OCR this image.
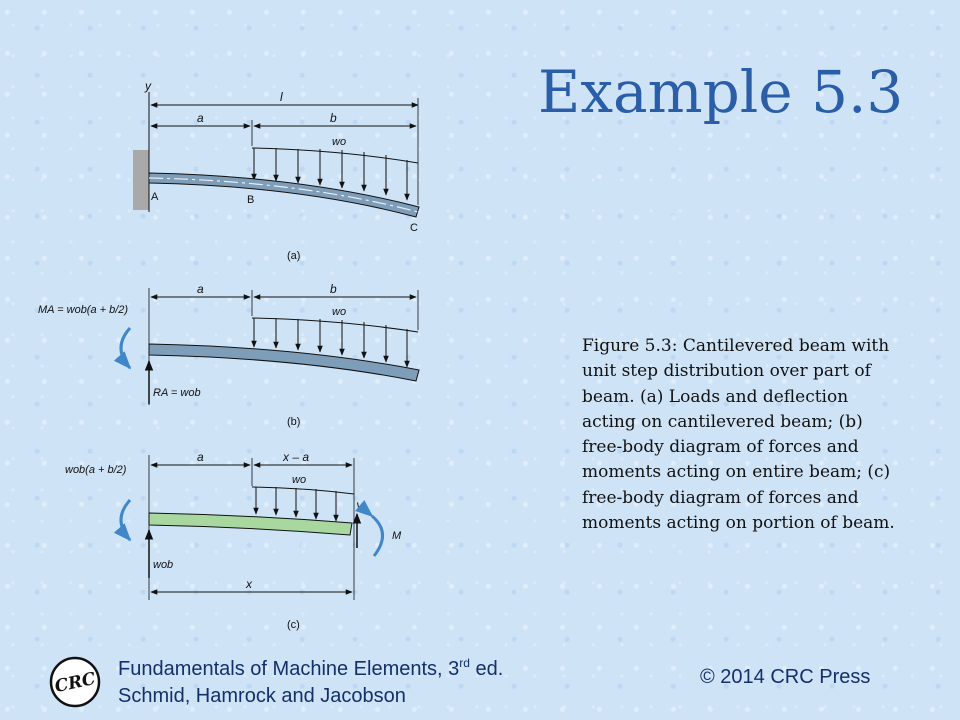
Example 5.3
y
l
a	b
wo
A	B
C
(a)
a	b
wo
MA = wob(a + b/2)
RA = wob
(b)
a	x – a
wo
wob(a + b/2)
wob
V
M
x
(c)
Figure 5.3: Cantilevered beam with unit step distribution over part of beam. (a) Loads and deflection acting on cantilevered beam; (b) free-body diagram of forces and moments acting on entire beam; (c) free-body diagram of forces and moments acting on portion of beam.
CRC Fundamentals of Machine Elements, 3rd ed.
Schmid, Hamrock and Jacobson
© 2014 CRC Press
